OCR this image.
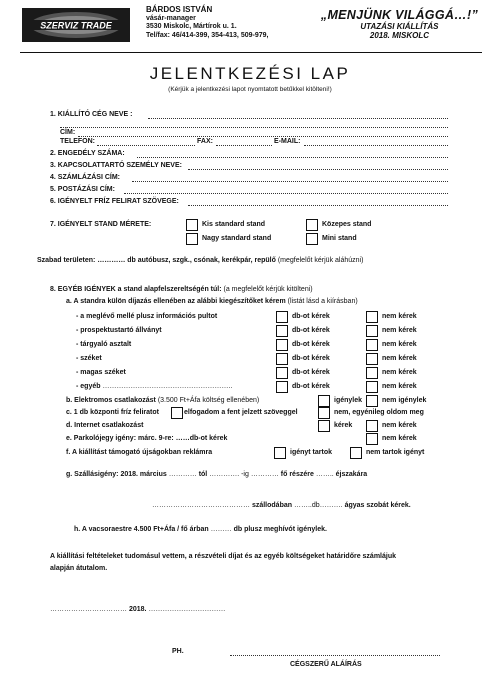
SZERVIZ TRADE
BÁRDOS ISTVÁN
vásár-manager
3530 Miskolc, Mártírok u. 1.
Tel/fax: 46/414-399, 354-413, 509-979,
„MENJÜNK VILÁGGÁ…!”
UTAZÁSI KIÁLLÍTÁS
2018. MISKOLC
JELENTKEZÉSI LAP
(Kérjük a jelentkezési lapot nyomtatott betűkkel kitölteni!)
1. KIÁLLÍTÓ CÉG NEVE :
CÍM:
TELEFON:	FAX:	E-MAIL:
2. ENGEDÉLY SZÁMA:
3. KAPCSOLATTARTÓ SZEMÉLY NEVE:
4. SZÁMLÁZÁSI CÍM:
5. POSTÁZÁSI CÍM:
6. IGÉNYELT FRÍZ FELIRAT SZÖVEGE:
7. IGÉNYELT STAND MÉRETE:	Kis standard stand	Közepes stand
Nagy standard stand	Mini stand
Szabad területen: ………… db autóbusz, szgk., csónak, kerékpár, repülő (megfelelőt kérjük aláhúzni)
8. EGYÉB IGÉNYEK a stand alapfelszereltségén túl: (a megfelelőt kérjük kitölteni)
a. A standra külön díjazás ellenében az alábbi kiegészítőket kérem (listát lásd a kiírásban)
- a meglévő mellé plusz információs pultot	db-ot kérek	nem kérek
- prospektustartó állványt	db-ot kérek	nem kérek
- tárgyaló asztalt	db-ot kérek	nem kérek
- széket	db-ot kérek	nem kérek
- magas széket	db-ot kérek	nem kérek
- egyéb ………………………………………………..	db-ot kérek	nem kérek
b. Elektromos csatlakozást (3.500 Ft+Áfa költség ellenében)	igénylek	nem igénylek
c. 1 db központi fríz feliratot	elfogadom a fent jelzett szöveggel	nem, egyénileg oldom meg
d. Internet csatlakozást	kérek	nem kérek
e. Parkolójegy igény: márc. 9-re: ……db-ot kérek	nem kérek
f. A kiállítást támogató újságokban reklámra	igényt tartok	nem tartok igényt
g. Szállásigény: 2018. március ………… tól …………. -ig ………… fő részére …….. éjszakára
…………………………………… szállodában ……..db………. ágyas szobát kérek.
h. A vacsoraestre 4.500 Ft+Áfa / fő árban ……… db plusz meghívót igénylek.
A kiállítási feltételeket tudomásul vettem, a részvételi díjat és az egyéb költségeket határidőre számlájuk
alapján átutalom.
…………………………… 2018. ……………………………
PH.
CÉGSZERŰ ALÁÍRÁS
